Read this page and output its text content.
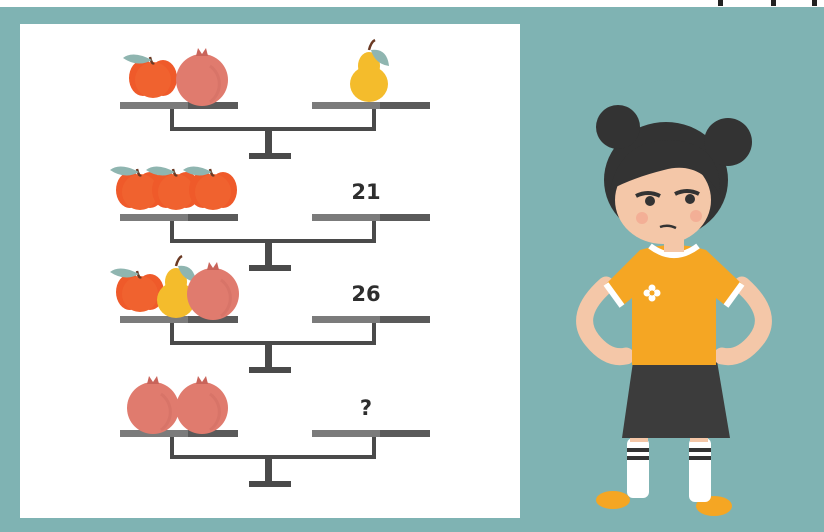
21
26
?
